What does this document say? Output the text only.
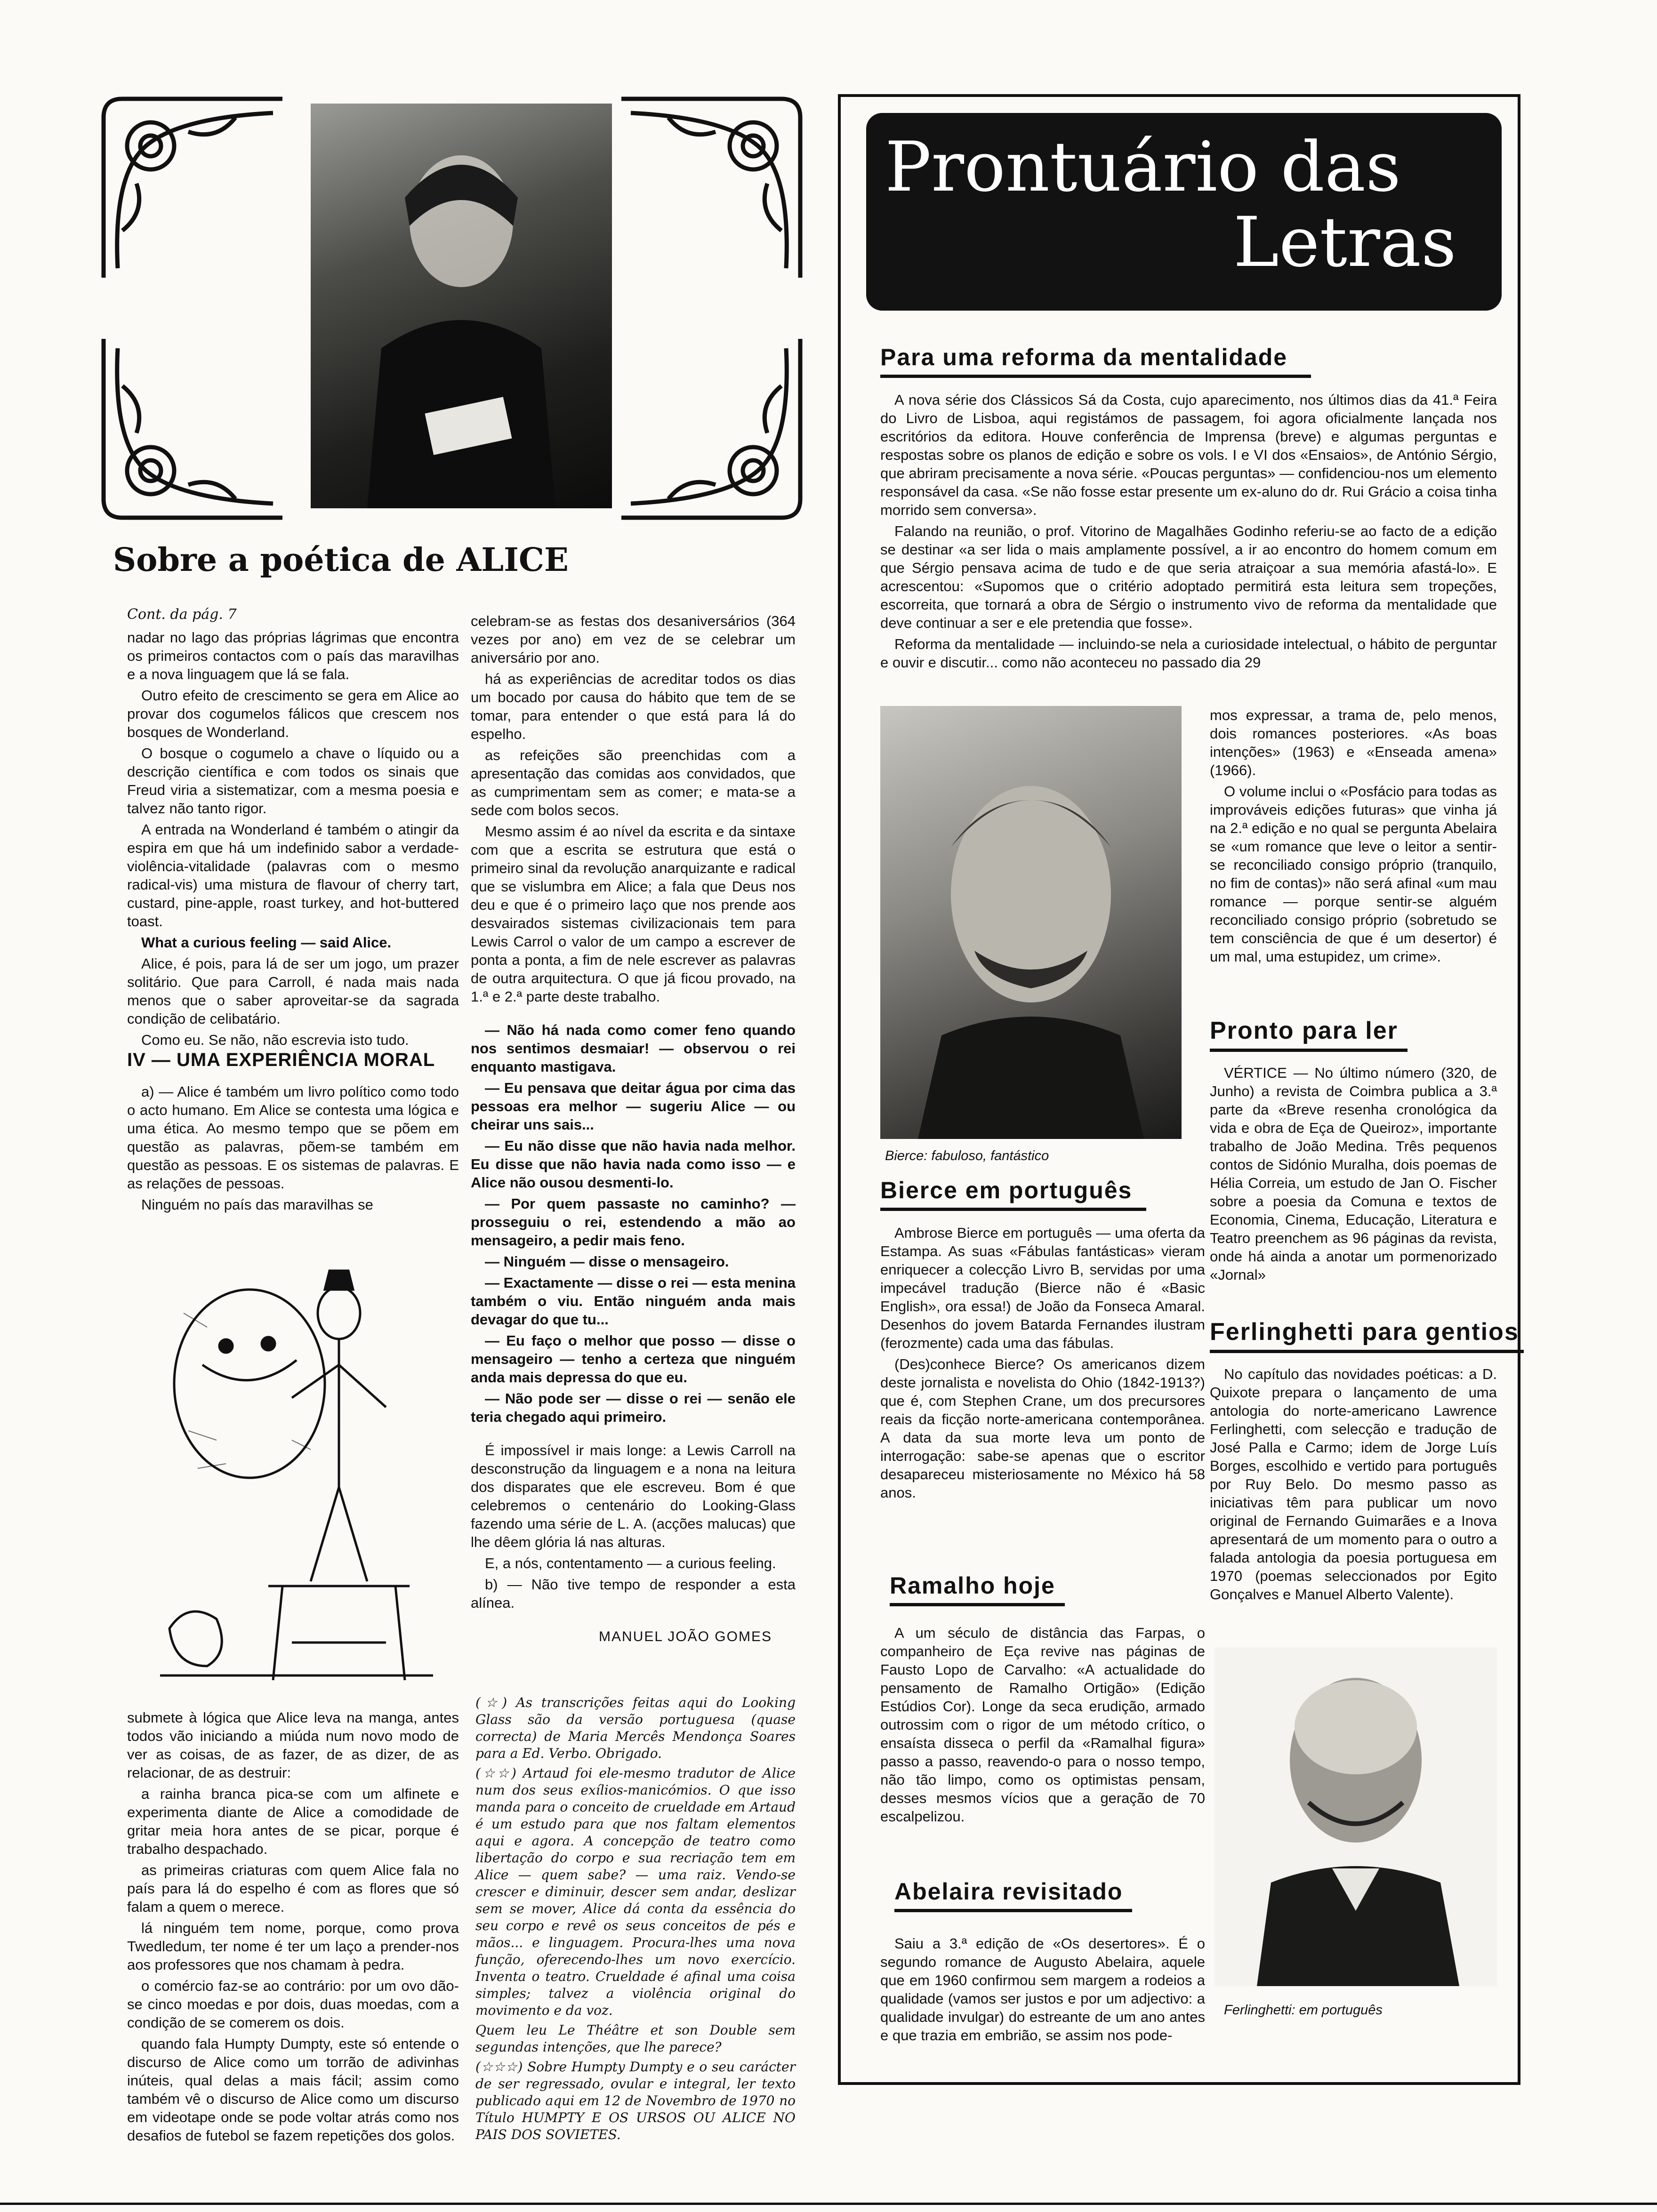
Sobre a poética de ALICE
Cont. da pág. 7

nadar no lago das próprias lágrimas que encontra os primeiros contactos com o país das maravilhas e a nova linguagem que lá se fala.

Outro efeito de crescimento se gera em Alice ao provar dos cogumelos fálicos que crescem nos bosques de Wonderland.

O bosque o cogumelo a chave o líquido ou a descrição científica e com todos os sinais que Freud viria a sistematizar, com a mesma poesia e talvez não tanto rigor.

A entrada na Wonderland é também o atingir da espira em que há um indefinido sabor a verdade-violência-vitalidade (palavras com o mesmo radical-vis) uma mistura de flavour of cherry tart, custard, pine-apple, roast turkey, and hot-buttered toast.

What a curious feeling — said Alice.

Alice, é pois, para lá de ser um jogo, um prazer solitário. Que para Carroll, é nada mais nada menos que o saber aproveitar-se da sagrada condição de celibatário.

Como eu. Se não, não escrevia isto tudo.

IV — UMA EXPERIÊNCIA MORAL

a) — Alice é também um livro político como todo o acto humano. Em Alice se contesta uma lógica e uma ética. Ao mesmo tempo que se põem em questão as palavras, põem-se também em questão as pessoas. E os sistemas de palavras. E as relações de pessoas.

Ninguém no país das maravilhas se

submete à lógica que Alice leva na manga, antes todos vão iniciando a miúda num novo modo de ver as coisas, de as fazer, de as dizer, de as relacionar, de as destruir:

a rainha branca pica-se com um alfinete e experimenta diante de Alice a comodidade de gritar meia hora antes de se picar, porque é trabalho despachado.

as primeiras criaturas com quem Alice fala no país para lá do espelho é com as flores que só falam a quem o merece.

lá ninguém tem nome, porque, como prova Twedledum, ter nome é ter um laço a prender-nos aos professores que nos chamam à pedra.

o comércio faz-se ao contrário: por um ovo dão-se cinco moedas e por dois, duas moedas, com a condição de se comerem os dois.

quando fala Humpty Dumpty, este só entende o discurso de Alice como um torrão de adivinhas inúteis, qual delas a mais fácil; assim como também vê o discurso de Alice como um discurso em videotape onde se pode voltar atrás como nos desafios de futebol se fazem repetições dos golos.

celebram-se as festas dos desaniversários (364 vezes por ano) em vez de se celebrar um aniversário por ano.

há as experiências de acreditar todos os dias um bocado por causa do hábito que tem de se tomar, para entender o que está para lá do espelho.

as refeições são preenchidas com a apresentação das comidas aos convidados, que as cumprimentam sem as comer; e mata-se a sede com bolos secos.

Mesmo assim é ao nível da escrita e da sintaxe com que a escrita se estrutura que está o primeiro sinal da revolução anarquizante e radical que se vislumbra em Alice; a fala que Deus nos deu e que é o primeiro laço que nos prende aos desvairados sistemas civilizacionais tem para Lewis Carrol o valor de um campo a escrever de ponta a ponta, a fim de nele escrever as palavras de outra arquitectura. O que já ficou provado, na 1.ª e 2.ª parte deste trabalho.

— Não há nada como comer feno quando nos sentimos desmaiar! — observou o rei enquanto mastigava.

— Eu pensava que deitar água por cima das pessoas era melhor — sugeriu Alice — ou cheirar uns sais...

— Eu não disse que não havia nada melhor. Eu disse que não havia nada como isso — e Alice não ousou desmenti-lo.

— Por quem passaste no caminho? — prosseguiu o rei, estendendo a mão ao mensageiro, a pedir mais feno.

— Ninguém — disse o mensageiro.

— Exactamente — disse o rei — esta menina também o viu. Então ninguém anda mais devagar do que tu...

— Eu faço o melhor que posso — disse o mensageiro — tenho a certeza que ninguém anda mais depressa do que eu.

— Não pode ser — disse o rei — senão ele teria chegado aqui primeiro.

É impossível ir mais longe: a Lewis Carroll na desconstrução da linguagem e a nona na leitura dos disparates que ele escreveu. Bom é que celebremos o centenário do Looking-Glass fazendo uma série de L. A. (acções malucas) que lhe dêem glória lá nas alturas.

E, a nós, contentamento — a curious feeling.

b) — Não tive tempo de responder a esta alínea.

MANUEL JOÃO GOMES

(☆) As transcrições feitas aqui do Looking Glass são da versão portuguesa (quase correcta) de Maria Mercês Mendonça Soares para a Ed. Verbo. Obrigado.

(☆☆) Artaud foi ele-mesmo tradutor de Alice num dos seus exílios-manicómios. O que isso manda para o conceito de crueldade em Artaud é um estudo para que nos faltam elementos aqui e agora. A concepção de teatro como libertação do corpo e sua recriação tem em Alice — quem sabe? — uma raiz. Vendo-se crescer e diminuir, descer sem andar, deslizar sem se mover, Alice dá conta da essência do seu corpo e revê os seus conceitos de pés e mãos... e linguagem. Procura-lhes uma nova função, oferecendo-lhes um novo exercício. Inventa o teatro. Crueldade é afinal uma coisa simples; talvez a violência original do movimento e da voz.

Quem leu Le Théâtre et son Double sem segundas intenções, que lhe parece?

(☆☆☆) Sobre Humpty Dumpty e o seu carácter de ser regressado, ovular e integral, ler texto publicado aqui em 12 de Novembro de 1970 no Título HUMPTY E OS URSOS OU ALICE NO PAIS DOS SOVIETES.

Prontuário das
Letras
Para uma reforma da mentalidade

A nova série dos Clássicos Sá da Costa, cujo aparecimento, nos últimos dias da 41.ª Feira do Livro de Lisboa, aqui registámos de passagem, foi agora oficialmente lançada nos escritórios da editora. Houve conferência de Imprensa (breve) e algumas perguntas e respostas sobre os planos de edição e sobre os vols. I e VI dos «Ensaios», de António Sérgio, que abriram precisamente a nova série. «Poucas perguntas» — confidenciou-nos um elemento responsável da casa. «Se não fosse estar presente um ex-aluno do dr. Rui Grácio a coisa tinha morrido sem conversa».

Falando na reunião, o prof. Vitorino de Magalhães Godinho referiu-se ao facto de a edição se destinar «a ser lida o mais amplamente possível, a ir ao encontro do homem comum em que Sérgio pensava acima de tudo e de que seria atraiçoar a sua memória afastá-lo». E acrescentou: «Supomos que o critério adoptado permitirá esta leitura sem tropeções, escorreita, que tornará a obra de Sérgio o instrumento vivo de reforma da mentalidade que deve continuar a ser e ele pretendia que fosse».

Reforma da mentalidade — incluindo-se nela a curiosidade intelectual, o hábito de perguntar e ouvir e discutir... como não aconteceu no passado dia 29

Bierce: fabuloso, fantástico
Bierce em português

Ambrose Bierce em português — uma oferta da Estampa. As suas «Fábulas fantásticas» vieram enriquecer a colecção Livro B, servidas por uma impecável tradução (Bierce não é «Basic English», ora essa!) de João da Fonseca Amaral. Desenhos do jovem Batarda Fernandes ilustram (ferozmente) cada uma das fábulas.

(Des)conhece Bierce? Os americanos dizem deste jornalista e novelista do Ohio (1842-1913?) que é, com Stephen Crane, um dos precursores reais da ficção norte-americana contemporânea. A data da sua morte leva um ponto de interrogação: sabe-se apenas que o escritor desapareceu misteriosamente no México há 58 anos.

Ramalho hoje

A um século de distância das Farpas, o companheiro de Eça revive nas páginas de Fausto Lopo de Carvalho: «A actualidade do pensamento de Ramalho Ortigão» (Edição Estúdios Cor). Longe da seca erudição, armado outrossim com o rigor de um método crítico, o ensaísta disseca o perfil da «Ramalhal figura» passo a passo, reavendo-o para o nosso tempo, não tão limpo, como os optimistas pensam, desses mesmos vícios que a geração de 70 escalpelizou.

Abelaira revisitado

Saiu a 3.ª edição de «Os desertores». É o segundo romance de Augusto Abelaira, aquele que em 1960 confirmou sem margem a rodeios a qualidade (vamos ser justos e por um adjectivo: a qualidade invulgar) do estreante de um ano antes e que trazia em embrião, se assim nos pode-

mos expressar, a trama de, pelo menos, dois romances posteriores. «As boas intenções» (1963) e «Enseada amena» (1966).

O volume inclui o «Posfácio para todas as improváveis edições futuras» que vinha já na 2.ª edição e no qual se pergunta Abelaira se «um romance que leve o leitor a sentir-se reconciliado consigo próprio (tranquilo, no fim de contas)» não será afinal «um mau romance — porque sentir-se alguém reconciliado consigo próprio (sobretudo se tem consciência de que é um desertor) é um mal, uma estupidez, um crime».

Pronto para ler

VÉRTICE — No último número (320, de Junho) a revista de Coimbra publica a 3.ª parte da «Breve resenha cronológica da vida e obra de Eça de Queiroz», importante trabalho de João Medina. Três pequenos contos de Sidónio Muralha, dois poemas de Hélia Correia, um estudo de Jan O. Fischer sobre a poesia da Comuna e textos de Economia, Cinema, Educação, Literatura e Teatro preenchem as 96 páginas da revista, onde há ainda a anotar um pormenorizado «Jornal»

Ferlinghetti para gentios

No capítulo das novidades poéticas: a D. Quixote prepara o lançamento de uma antologia do norte-americano Lawrence Ferlinghetti, com selecção e tradução de José Palla e Carmo; idem de Jorge Luís Borges, escolhido e vertido para português por Ruy Belo. Do mesmo passo as iniciativas têm para publicar um novo original de Fernando Guimarães e a Inova apresentará de um momento para o outro a falada antologia da poesia portuguesa em 1970 (poemas seleccionados por Egito Gonçalves e Manuel Alberto Valente).

Ferlinghetti: em português
